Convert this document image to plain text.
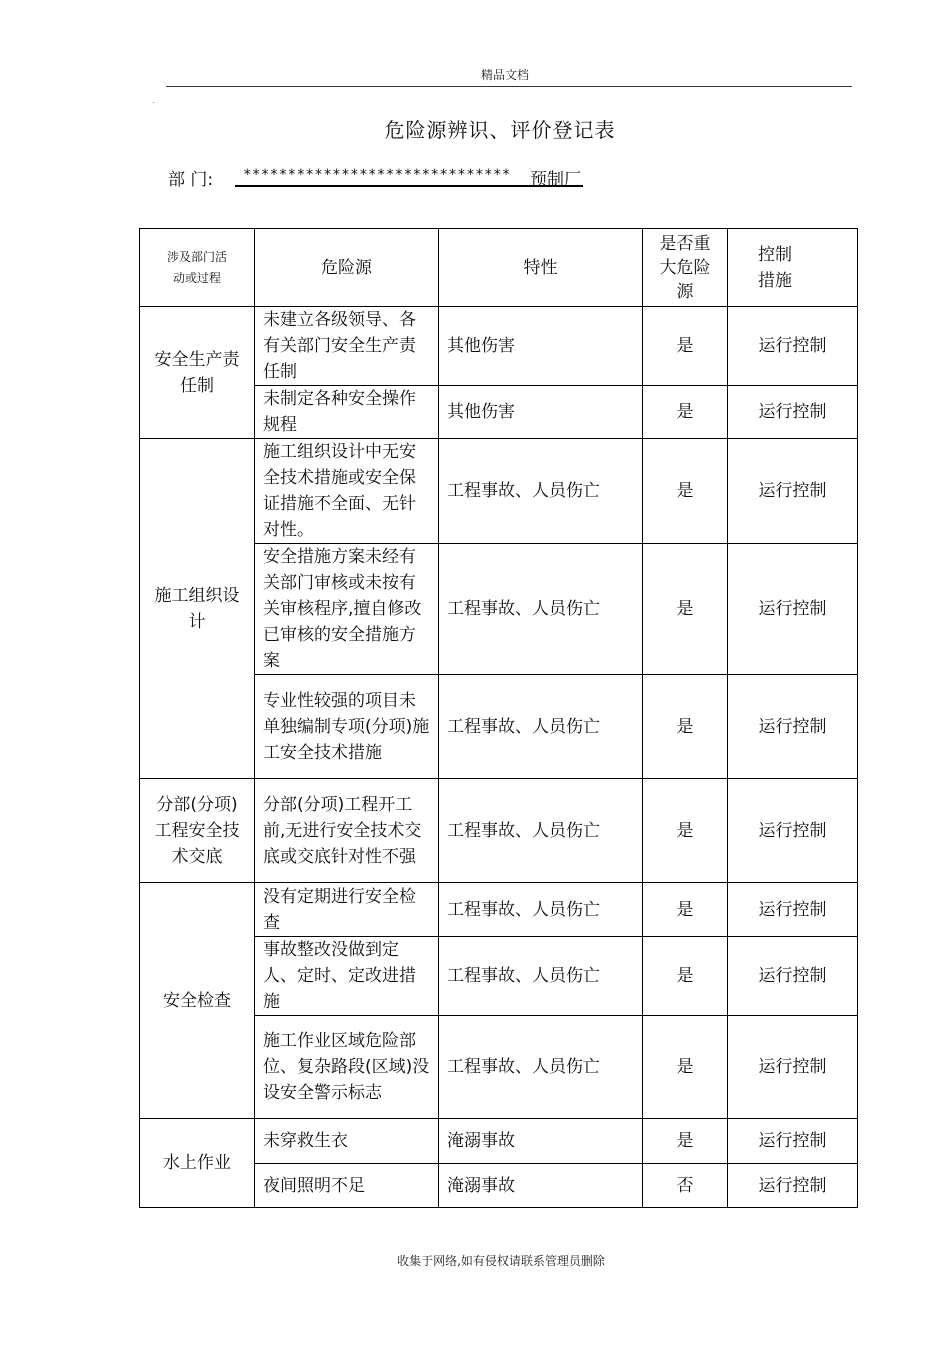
精品文档
.
危险源辨识、评价登记表
部 门: ****************************** 预制厂
涉及部门活动或过程	危险源	特性	是否重大危险源	控制措施

安全生产责任制	未建立各级领导、各有关部门安全生产责任制	其他伤害	是	运行控制
	未制定各种安全操作规程	其他伤害	是	运行控制

施工组织设计	施工组织设计中无安全技术措施或安全保证措施不全面、无针对性。	工程事故、人员伤亡	是	运行控制
	安全措施方案未经有关部门审核或未按有关审核程序,擅自修改已审核的安全措施方案	工程事故、人员伤亡	是	运行控制
	专业性较强的项目未单独编制专项(分项)施工安全技术措施	工程事故、人员伤亡	是	运行控制

分部(分项)工程安全技术交底	分部(分项)工程开工前,无进行安全技术交底或交底针对性不强	工程事故、人员伤亡	是	运行控制

安全检查	没有定期进行安全检查	工程事故、人员伤亡	是	运行控制
	事故整改没做到定人、定时、定改进措施	工程事故、人员伤亡	是	运行控制
	施工作业区域危险部位、复杂路段(区域)没设安全警示标志	工程事故、人员伤亡	是	运行控制

水上作业	未穿救生衣	淹溺事故	是	运行控制
	夜间照明不足	淹溺事故	否	运行控制
收集于网络,如有侵权请联系管理员删除
